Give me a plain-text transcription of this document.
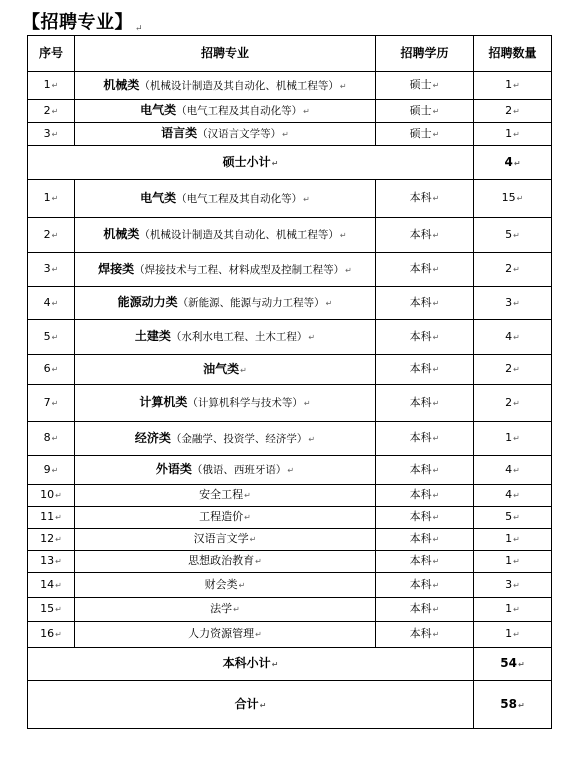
【招聘专业】 ↵
序号	招聘专业	招聘学历	招聘数量
1↵	机械类（机械设计制造及其自动化、机械工程等）↵	硕士↵	1↵
2↵	电气类（电气工程及其自动化等）↵	硕士↵	2↵
3↵	语言类（汉语言文学等）↵	硕士↵	1↵
硕士小计↵			4↵
1↵	电气类（电气工程及其自动化等）↵	本科↵	15↵
2↵	机械类（机械设计制造及其自动化、机械工程等）↵	本科↵	5↵
3↵	焊接类（焊接技术与工程、材料成型及控制工程等）↵	本科↵	2↵
4↵	能源动力类（新能源、能源与动力工程等）↵	本科↵	3↵
5↵	土建类（水利水电工程、土木工程）↵	本科↵	4↵
6↵	油气类↵	本科↵	2↵
7↵	计算机类（计算机科学与技术等）↵	本科↵	2↵
8↵	经济类（金融学、投资学、经济学）↵	本科↵	1↵
9↵	外语类（俄语、西班牙语）↵	本科↵	4↵
10↵	安全工程↵	本科↵	4↵
11↵	工程造价↵	本科↵	5↵
12↵	汉语言文学↵	本科↵	1↵
13↵	思想政治教育↵	本科↵	1↵
14↵	财会类↵	本科↵	3↵
15↵	法学↵	本科↵	1↵
16↵	人力资源管理↵	本科↵	1↵
本科小计↵			54↵
合计↵			58↵
